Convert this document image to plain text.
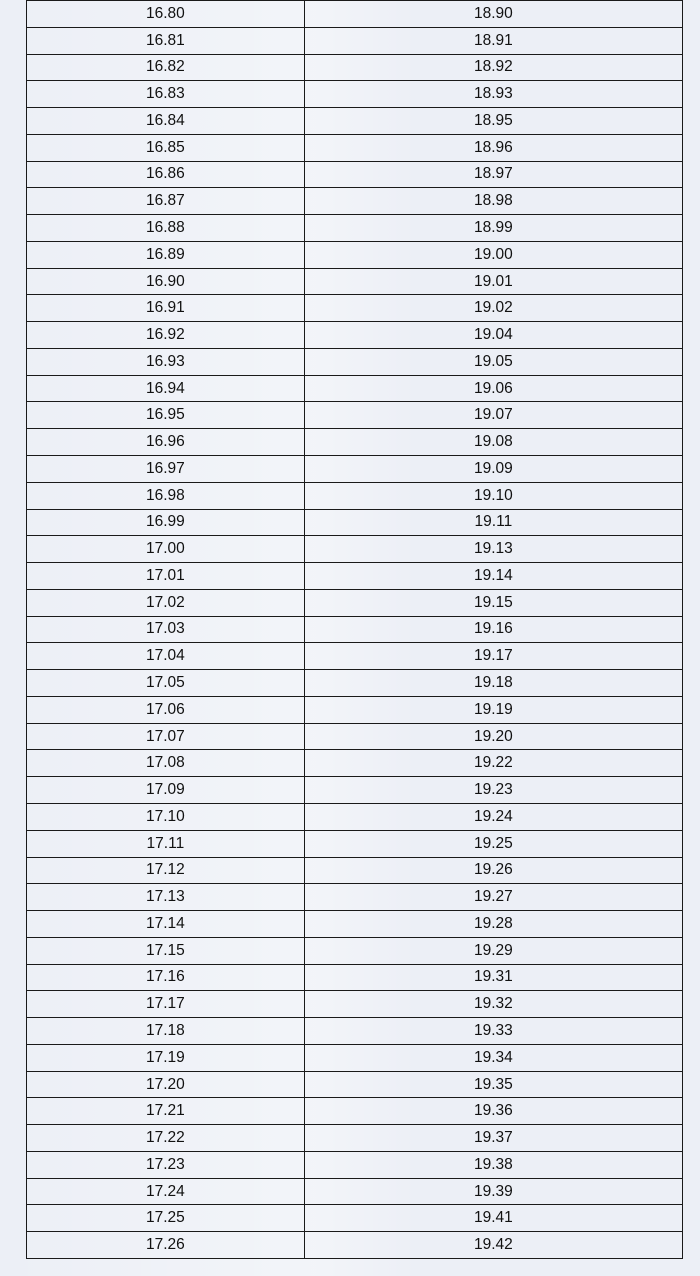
16.80	18.90
16.81	18.91
16.82	18.92
16.83	18.93
16.84	18.95
16.85	18.96
16.86	18.97
16.87	18.98
16.88	18.99
16.89	19.00
16.90	19.01
16.91	19.02
16.92	19.04
16.93	19.05
16.94	19.06
16.95	19.07
16.96	19.08
16.97	19.09
16.98	19.10
16.99	19.11
17.00	19.13
17.01	19.14
17.02	19.15
17.03	19.16
17.04	19.17
17.05	19.18
17.06	19.19
17.07	19.20
17.08	19.22
17.09	19.23
17.10	19.24
17.11	19.25
17.12	19.26
17.13	19.27
17.14	19.28
17.15	19.29
17.16	19.31
17.17	19.32
17.18	19.33
17.19	19.34
17.20	19.35
17.21	19.36
17.22	19.37
17.23	19.38
17.24	19.39
17.25	19.41
17.26	19.42
